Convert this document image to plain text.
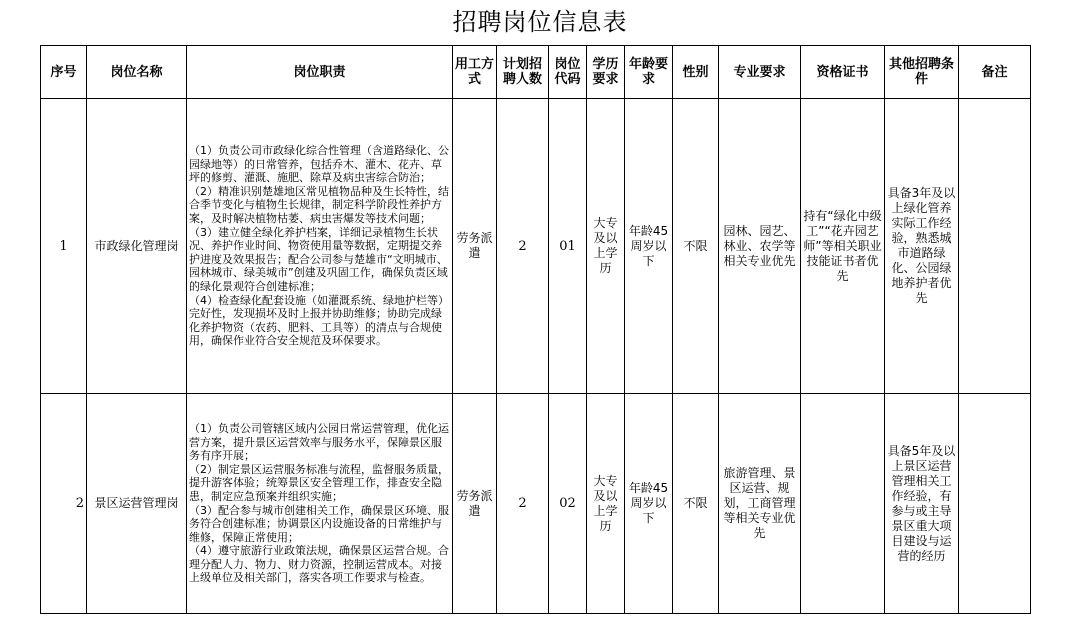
招聘岗位信息表
序号	岗位名称	岗位职责	用工方式	计划招聘人数	岗位代码	学历要求	年龄要求	性别	专业要求	资格证书	其他招聘条件	备注
1	市政绿化管理岗	（1）负责公司市政绿化综合性管理（含道路绿化、公园绿地等）的日常管养，包括乔木、灌木、花卉、草坪的修剪、灌溉、施肥、除草及病虫害综合防治；
（2）精准识别楚雄地区常见植物品种及生长特性，结合季节变化与植物生长规律，制定科学阶段性养护方案，及时解决植物枯萎、病虫害爆发等技术问题；
（3）建立健全绿化养护档案，详细记录植物生长状况、养护作业时间、物资使用量等数据，定期提交养护进度及效果报告；配合公司参与楚雄市“文明城市、园林城市、绿美城市”创建及巩固工作，确保负责区域的绿化景观符合创建标准；
（4）检查绿化配套设施（如灌溉系统、绿地护栏等）完好性，发现损坏及时上报并协助维修；协助完成绿化养护物资（农药、肥料、工具等）的清点与合规使用，确保作业符合安全规范及环保要求。	劳务派遣	2	01	大专及以上学历	年龄45周岁以下	不限	园林、园艺、林业、农学等相关专业优先	持有“绿化中级工”“花卉园艺师”等相关职业技能证书者优先	具备3年及以上绿化管养实际工作经验，熟悉城市道路绿化、公园绿地养护者优先	
2	景区运营管理岗	（1）负责公司管辖区域内公园日常运营管理，优化运营方案，提升景区运营效率与服务水平，保障景区服务有序开展；
（2）制定景区运营服务标准与流程，监督服务质量，提升游客体验；统筹景区安全管理工作，排查安全隐患，制定应急预案并组织实施；
（3）配合参与城市创建相关工作，确保景区环境、服务符合创建标准；协调景区内设施设备的日常维护与维修，保障正常使用；
（4）遵守旅游行业政策法规，确保景区运营合规。合理分配人力、物力、财力资源，控制运营成本。对接上级单位及相关部门，落实各项工作要求与检查。	劳务派遣	2	02	大专及以上学历	年龄45周岁以下	不限	旅游管理、景区运营、规划，工商管理等相关专业优先		具备5年及以上景区运营管理相关工作经验，有参与或主导景区重大项目建设与运营的经历	
